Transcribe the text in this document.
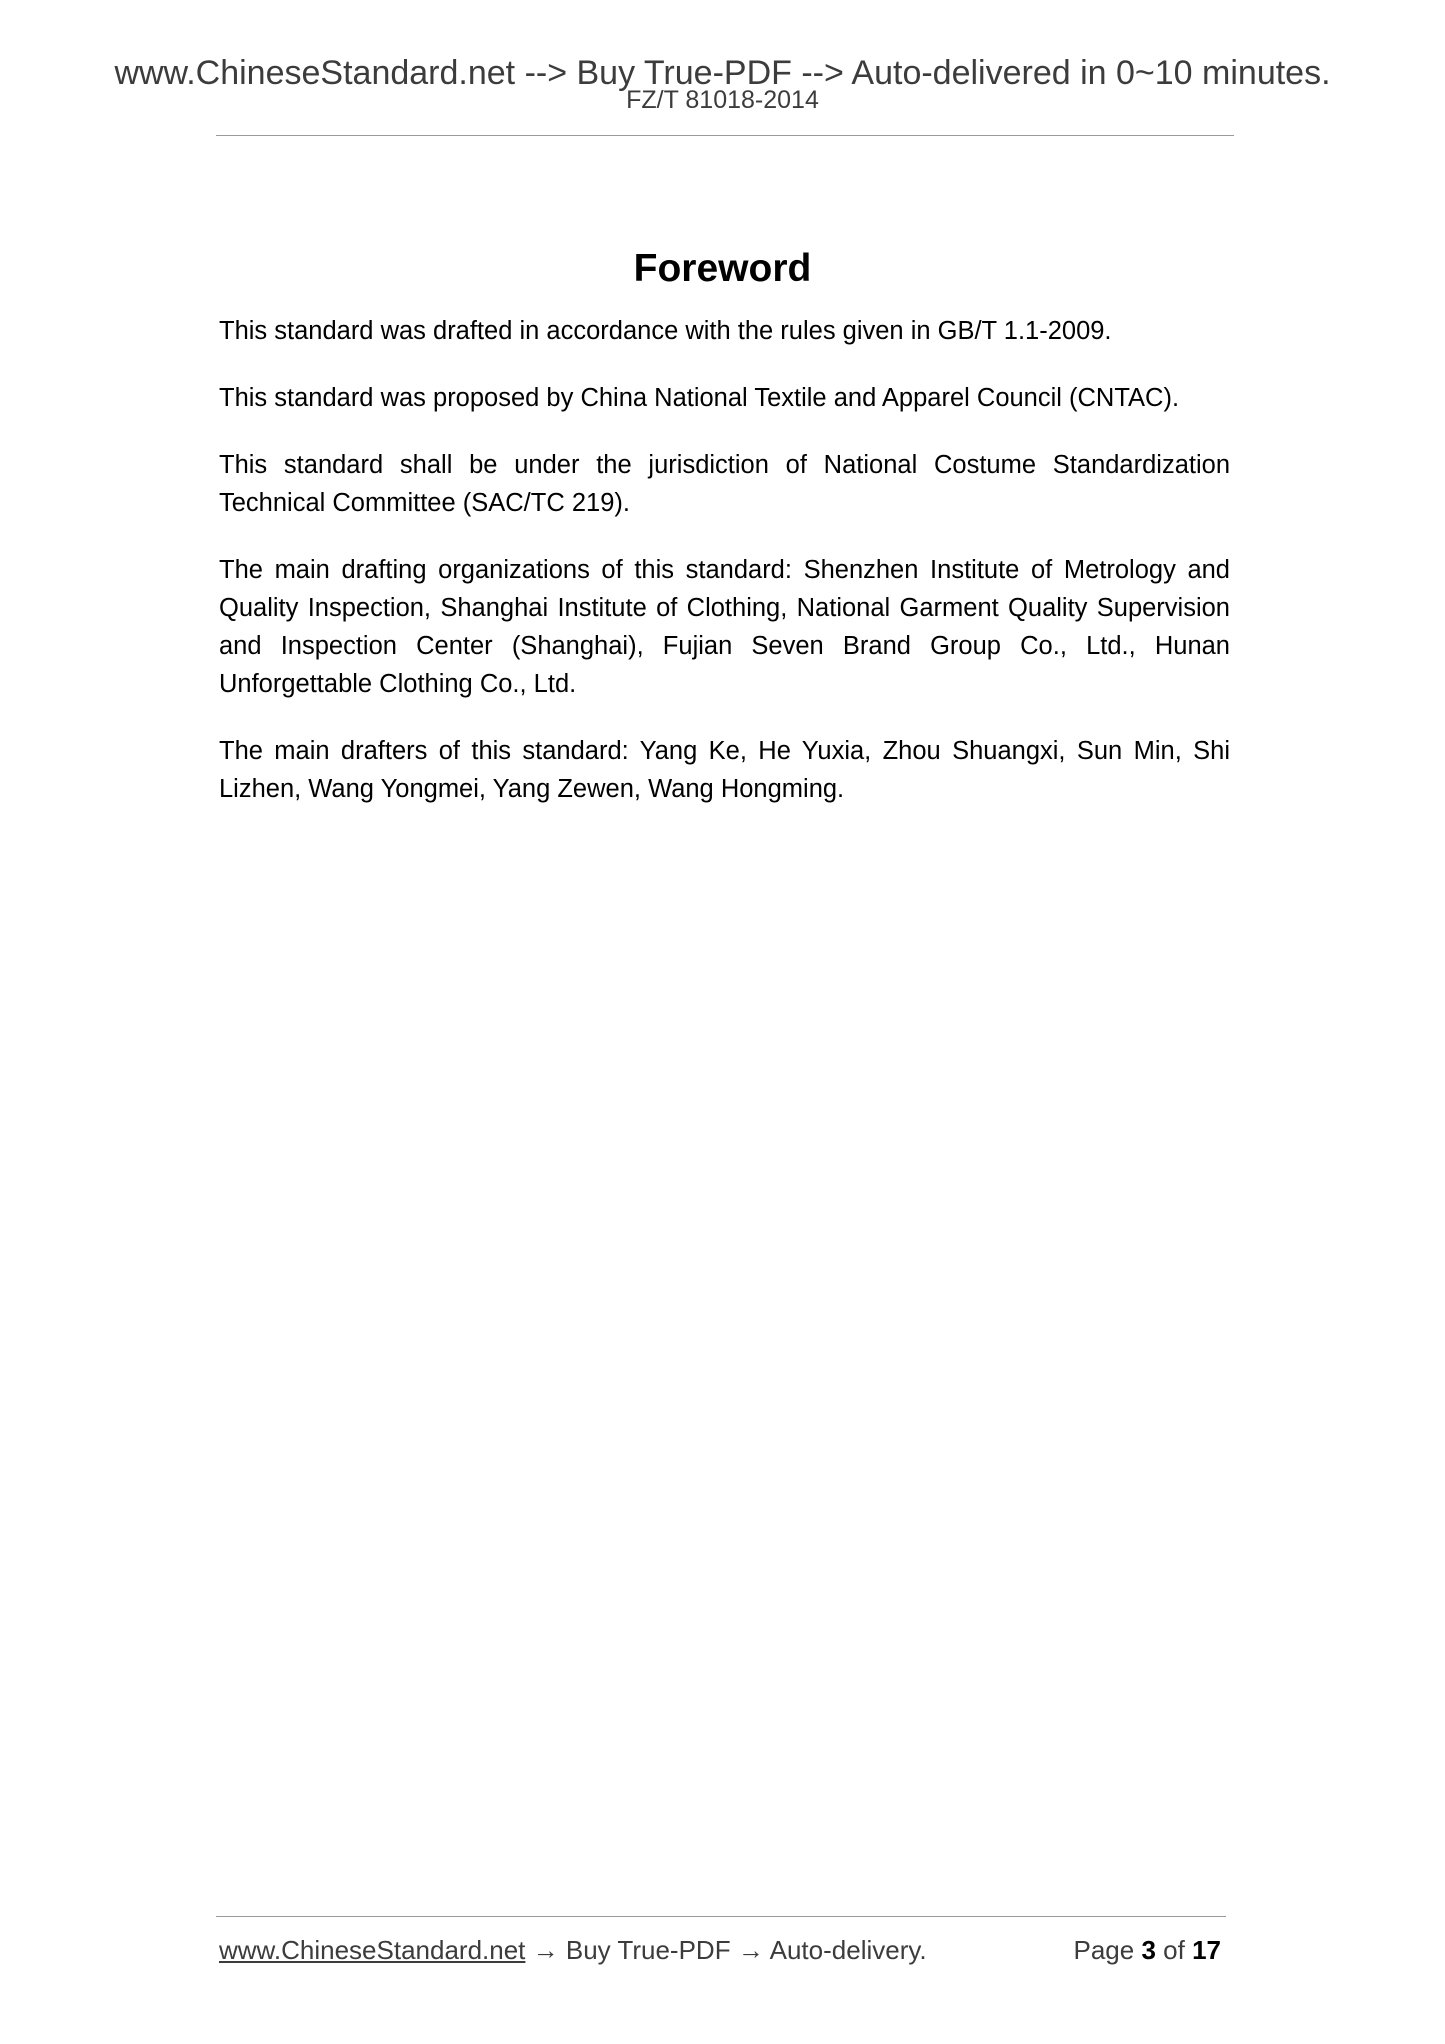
www.ChineseStandard.net --> Buy True-PDF --> Auto-delivered in 0~10 minutes.
FZ/T 81018-2014
Foreword

This standard was drafted in accordance with the rules given in GB/T 1.1-2009.

This standard was proposed by China National Textile and Apparel Council (CNTAC).

This standard shall be under the jurisdiction of National Costume Standardization Technical Committee (SAC/TC 219).

The main drafting organizations of this standard: Shenzhen Institute of Metrology and Quality Inspection, Shanghai Institute of Clothing, National Garment Quality Supervision and Inspection Center (Shanghai), Fujian Seven Brand Group Co., Ltd., Hunan Unforgettable Clothing Co., Ltd.

The main drafters of this standard: Yang Ke, He Yuxia, Zhou Shuangxi, Sun Min, Shi Lizhen, Wang Yongmei, Yang Zewen, Wang Hongming.

www.ChineseStandard.net → Buy True-PDF → Auto-delivery.	Page 3 of 17
